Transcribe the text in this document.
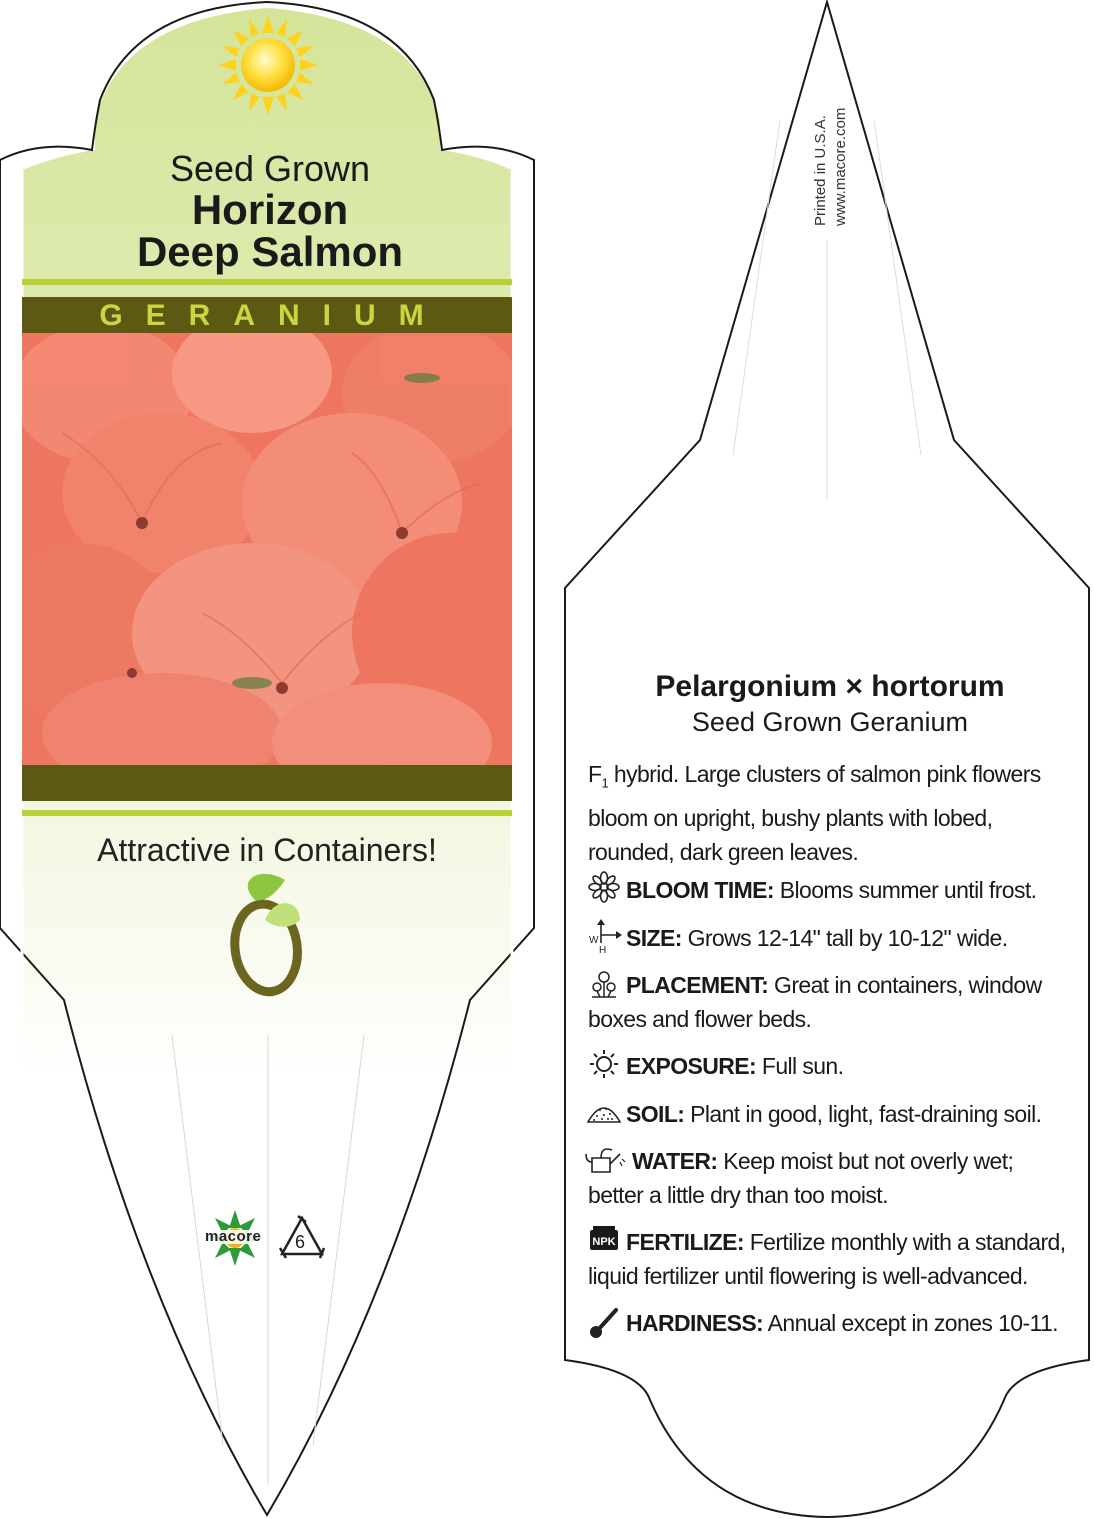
W
H
NPK
Seed Grown
Horizon
Deep Salmon
GERANIUM
Attractive in Containers!
macore 6
Printed in U.S.A. www.macore.com
Pelargonium × hortorum
Seed Grown Geranium
$F_1$ hybrid. Large clusters of salmon pink flowers bloom on upright, bushy plants with lobed, rounded, dark green leaves.
BLOOM TIME: Blooms summer until frost.
SIZE: Grows 12-14" tall by 10-12" wide.
PLACEMENT: Great in containers, window boxes and flower beds.
EXPOSURE: Full sun.
SOIL: Plant in good, light, fast-draining soil.
WATER: Keep moist but not overly wet; better a little dry than too moist.
FERTILIZE: Fertilize monthly with a standard, liquid fertilizer until flowering is well-advanced.
HARDINESS: Annual except in zones 10-11.
